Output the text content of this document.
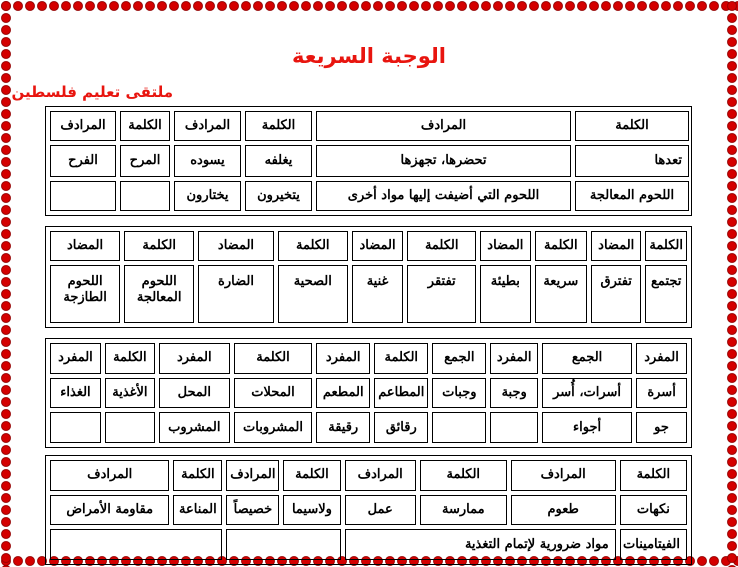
الوجبة السريعة
ملتقى تعليم فلسطين
الكلمة	المرادف	الكلمة	المرادف	الكلمة	المرادف
تعدها	تحضرها، تجهزها	يغلفه	يسوده	المرح	الفرح
اللحوم المعالجة	اللحوم التي أضيفت إليها مواد أخرى	يتخيرون	يختارون		
الكلمة	المضاد	الكلمة	المضاد	الكلمة	المضاد	الكلمة	المضاد	الكلمة	المضاد
تجتمع	تفترق	سريعة	بطيئة	تفتقر	غنية	الصحية	الضارة	اللحوم المعالجة	اللحوم الطازجة
المفرد	الجمع	المفرد	الجمع	الكلمة	المفرد	الكلمة	المفرد	الكلمة	المفرد
أسرة	أسرات، أُسر	وجبة	وجبات	المطاعم	المطعم	المحلات	المحل	الأغذية	الغذاء
جو	أجواء			رقائق	رقيقة	المشروبات	المشروب		
الكلمة	المرادف	الكلمة	المرادف	الكلمة	المرادف	الكلمة	المرادف
نكهات	طعوم	ممارسة	عمل	ولاسيما	خصيصاً	المناعة	مقاومة الأمراض
الفيتامينات	مواد ضرورية لإتمام التغذية						
